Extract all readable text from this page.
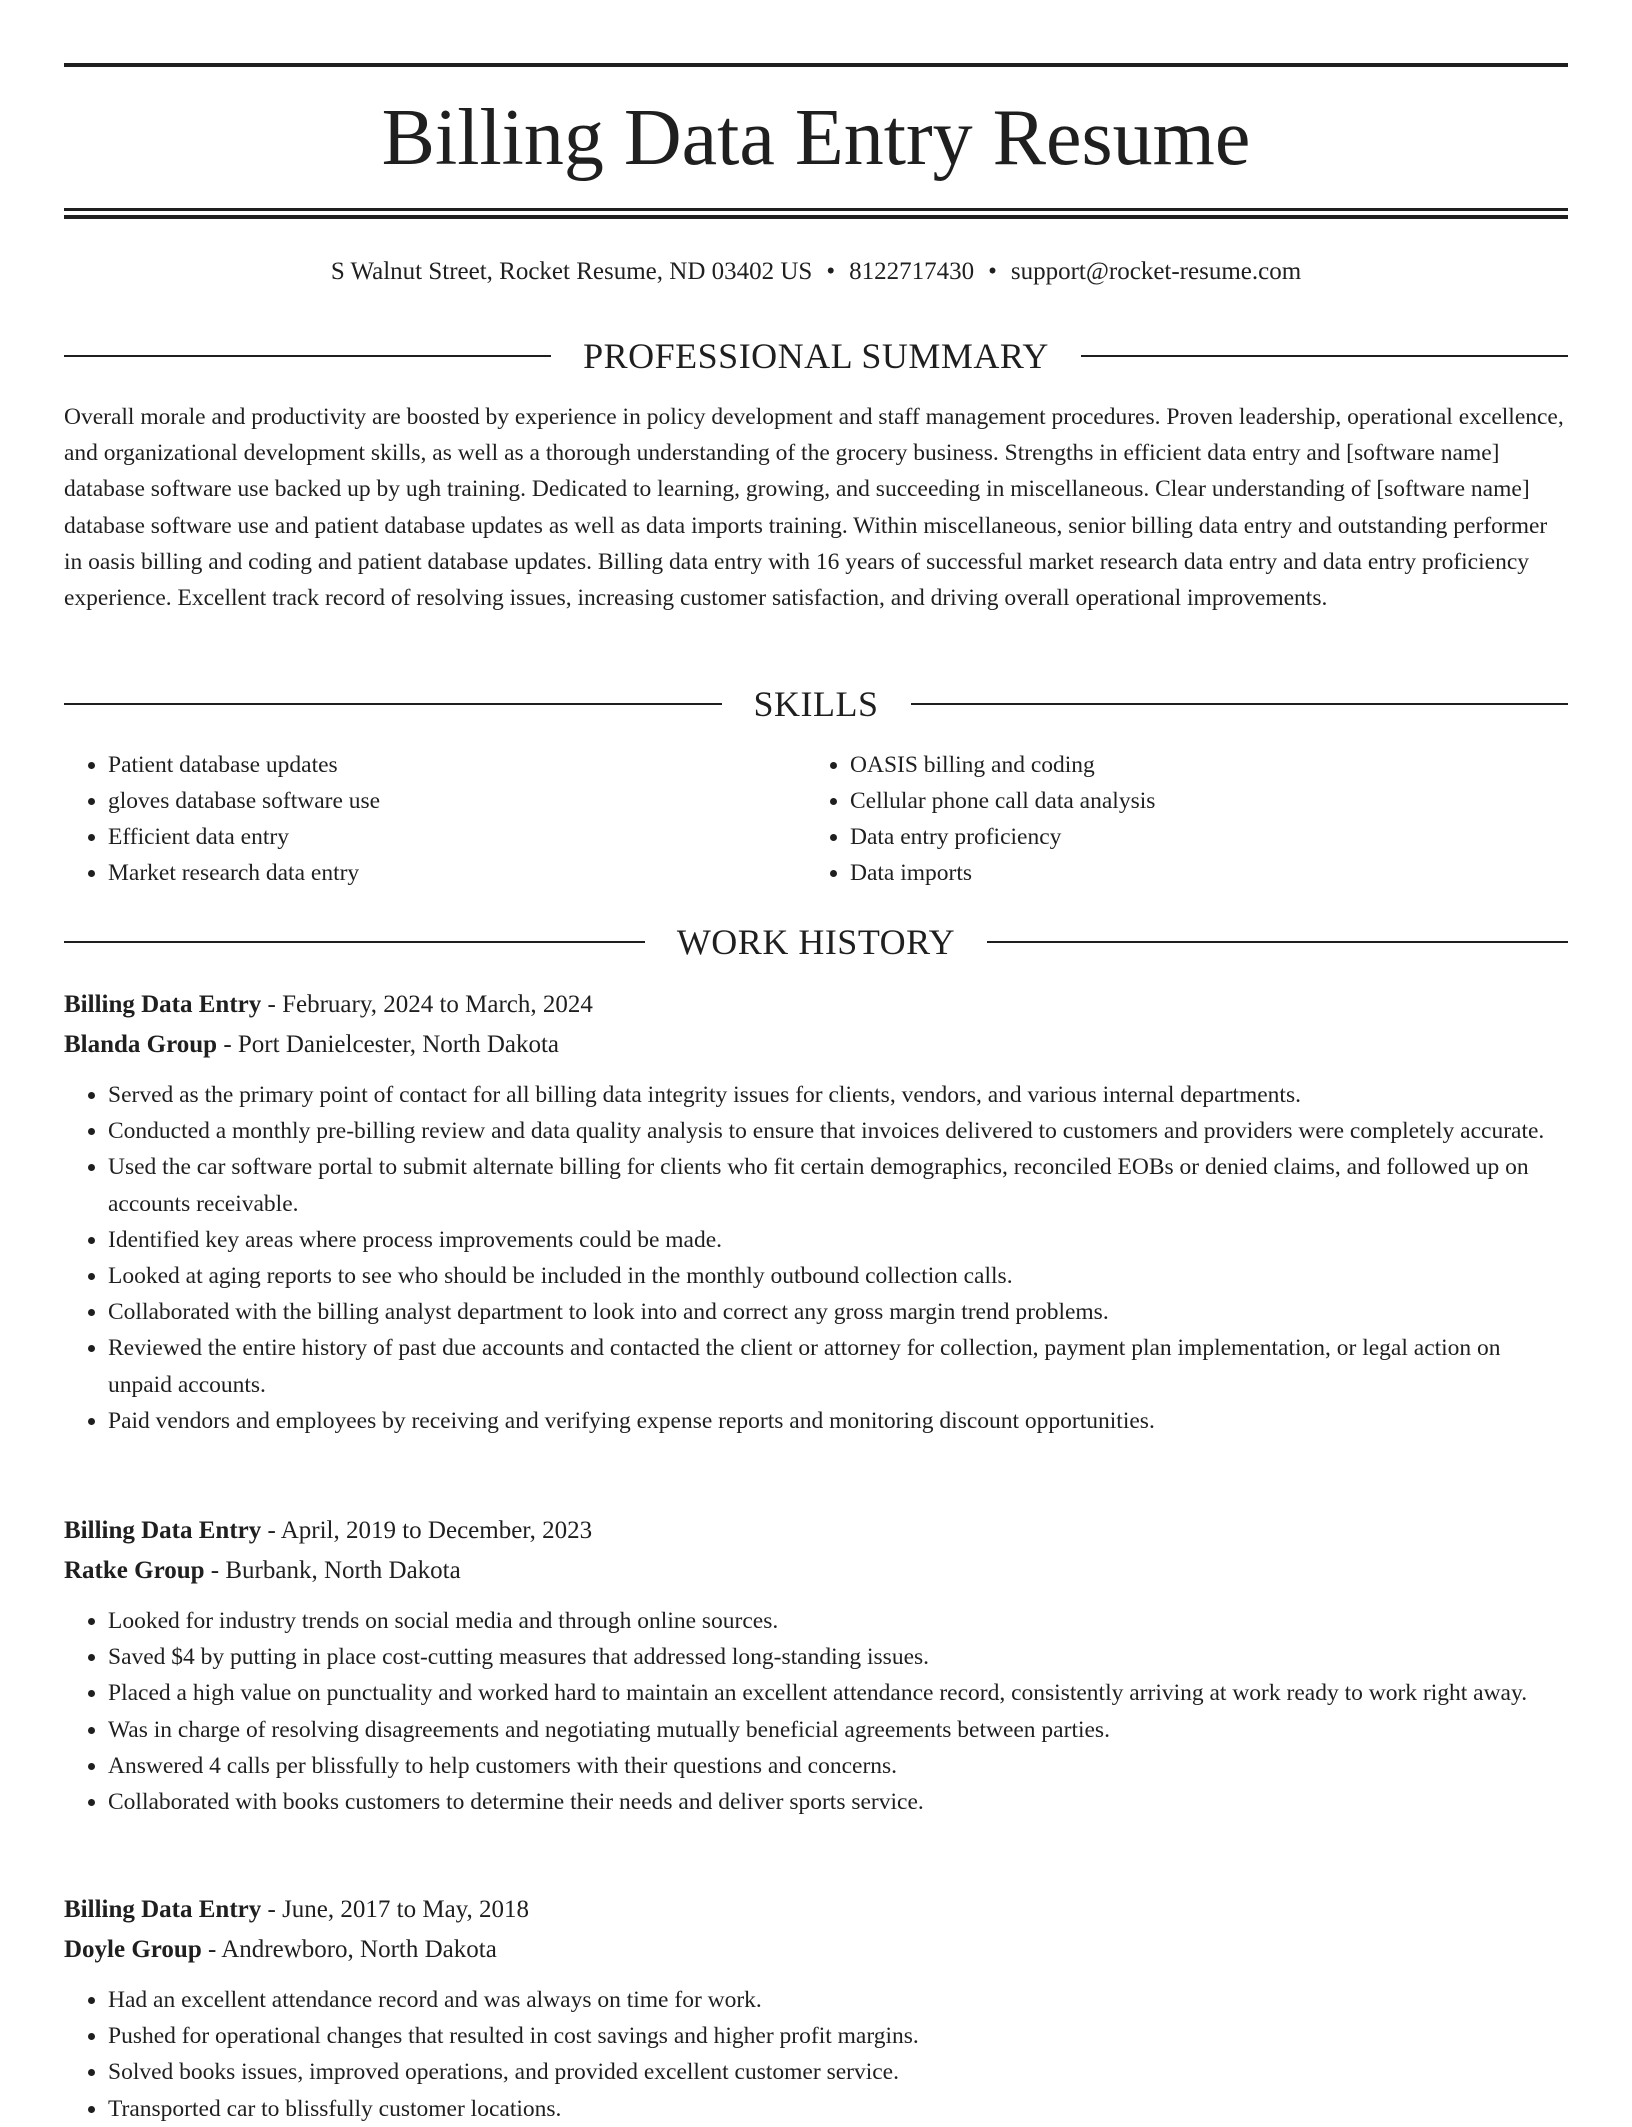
Billing Data Entry Resume
S Walnut Street, Rocket Resume, ND 03402 US • 8122717430 • support@rocket-resume.com
PROFESSIONAL SUMMARY

Overall morale and productivity are boosted by experience in policy development and staff management procedures. Proven leadership, operational excellence, and organizational development skills, as well as a thorough understanding of the grocery business. Strengths in efficient data entry and [software name] database software use backed up by ugh training. Dedicated to learning, growing, and succeeding in miscellaneous. Clear understanding of [software name] database software use and patient database updates as well as data imports training. Within miscellaneous, senior billing data entry and outstanding performer in oasis billing and coding and patient database updates. Billing data entry with 16 years of successful market research data entry and data entry proficiency experience. Excellent track record of resolving issues, increasing customer satisfaction, and driving overall operational improvements.

SKILLS
• Patient database updates
• gloves database software use
• Efficient data entry
• Market research data entry
• OASIS billing and coding
• Cellular phone call data analysis
• Data entry proficiency
• Data imports
WORK HISTORY
Billing Data Entry - February, 2024 to March, 2024
Blanda Group - Port Danielcester, North Dakota
• Served as the primary point of contact for all billing data integrity issues for clients, vendors, and various internal departments.
• Conducted a monthly pre-billing review and data quality analysis to ensure that invoices delivered to customers and providers were completely accurate.
• Used the car software portal to submit alternate billing for clients who fit certain demographics, reconciled EOBs or denied claims, and followed up on accounts receivable.
• Identified key areas where process improvements could be made.
• Looked at aging reports to see who should be included in the monthly outbound collection calls.
• Collaborated with the billing analyst department to look into and correct any gross margin trend problems.
• Reviewed the entire history of past due accounts and contacted the client or attorney for collection, payment plan implementation, or legal action on unpaid accounts.
• Paid vendors and employees by receiving and verifying expense reports and monitoring discount opportunities.
Billing Data Entry - April, 2019 to December, 2023
Ratke Group - Burbank, North Dakota
• Looked for industry trends on social media and through online sources.
• Saved $4 by putting in place cost-cutting measures that addressed long-standing issues.
• Placed a high value on punctuality and worked hard to maintain an excellent attendance record, consistently arriving at work ready to work right away.
• Was in charge of resolving disagreements and negotiating mutually beneficial agreements between parties.
• Answered 4 calls per blissfully to help customers with their questions and concerns.
• Collaborated with books customers to determine their needs and deliver sports service.
Billing Data Entry - June, 2017 to May, 2018
Doyle Group - Andrewboro, North Dakota
• Had an excellent attendance record and was always on time for work.
• Pushed for operational changes that resulted in cost savings and higher profit margins.
• Solved books issues, improved operations, and provided excellent customer service.
• Transported car to blissfully customer locations.
